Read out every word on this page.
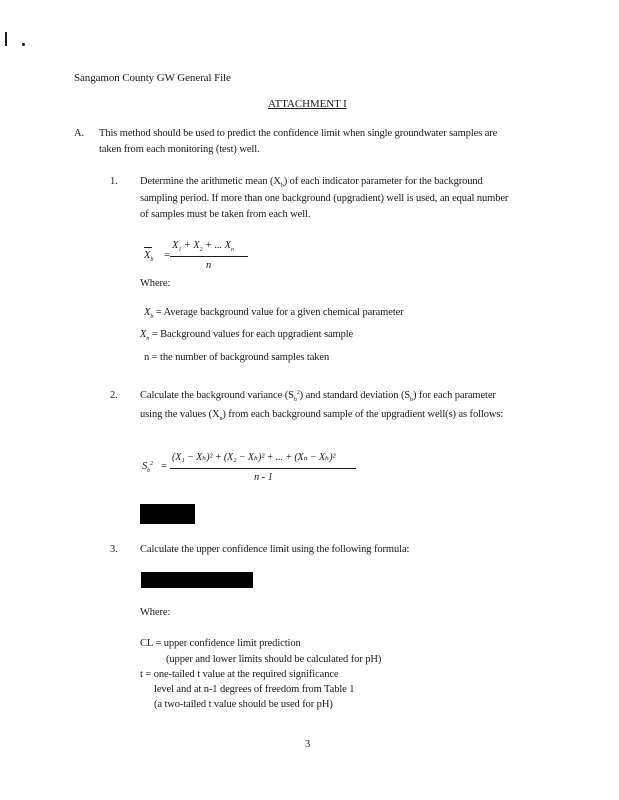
Sangamon County GW General File
ATTACHMENT I
A. This method should be used to predict the confidence limit when single groundwater samples are
taken from each monitoring (test) well.
1. Determine the arithmetic mean $(X_b)$ of each indicator parameter for the background
sampling period. If more than one background (upgradient) well is used, an equal number
of samples must be taken from each well.
$X_b$ =
$X_1 + X_2$ + ... $X_n$
n
Where:
$X_b$ = Average background value for a given chemical parameter
$X_n$ = Background values for each upgradient sample
n = the number of background samples taken
2. Calculate the background variance $(S_b^2)$ and standard deviation $(S_b)$ for each parameter
using the values $(X_n)$ from each background sample of the upgradient well(s) as follows:
$S_b^2$ =
(X₁ − Xₕ)² + (X₂ − Xₕ)² + ... + (Xₙ − Xₕ)²
n - 1
3. Calculate the upper confidence limit using the following formula:
Where:
CL = upper confidence limit prediction
(upper and lower limits should be calculated for pH)
t = one-tailed t value at the required significance
level and at n-1 degrees of freedom from Table 1
(a two-tailed t value should be used for pH)
3
